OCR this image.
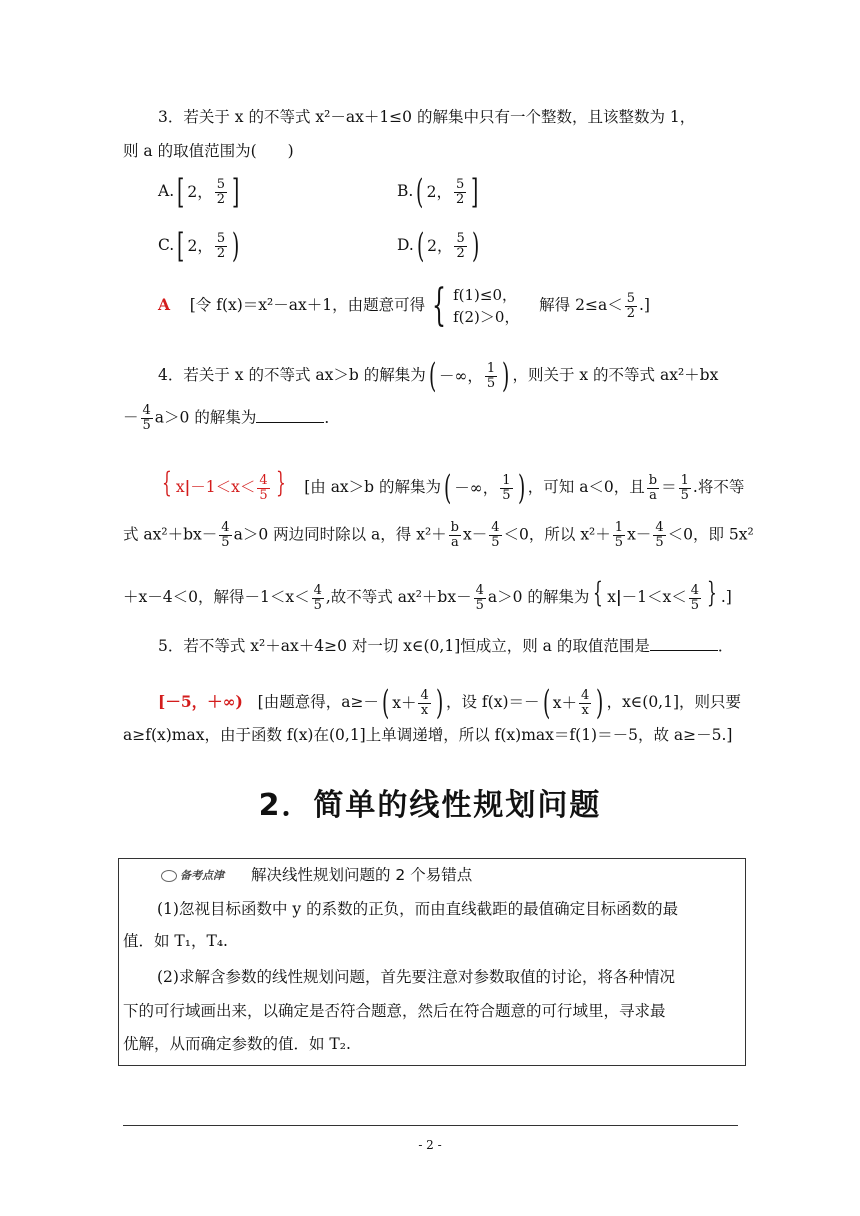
3．若关于 x 的不等式 x²－ax＋1≤0 的解集中只有一个整数，且该整数为 1，
则 a 的取值范围为(　　)
A. [ 2， $\frac{5}{2}$ ]	B. ( 2， $\frac{5}{2}$ ]
C. [ 2， $\frac{5}{2}$ )	D. ( 2， $\frac{5}{2}$ )
A [令 f(x)＝x²－ax＋1，由题意可得 { f(1)≤0，
f(2)＞0，
解得 $2\le a< \frac{5}{2}$ .]
4．若关于 x 的不等式 ax＞b 的解集为 ( －∞， $\frac{1}{5}$ ) ，则关于 x 的不等式 ax²＋bx
－ $\frac{4}{5} a>0$ 的解集为	．
{ $x|-1<x< \frac{4}{5}$ } [由 ax＞b 的解集为 ( －∞， $\frac{1}{5}$ ) ，可知 a＜0，且 $\frac{b}{a} = \frac{1}{5}$ .将不等
式 $ax^2+bx- \frac{4}{5} a>0$ 两边同时除以 a，得 $x^2+ \frac{b}{a} x- \frac{4}{5} <0$，所以 $x^2+ \frac{1}{5} x- \frac{4}{5} <0$，即 5x²
＋x－4＜0，解得$-1<x< \frac{4}{5}$ ,故不等式 $ax^2+bx- \frac{4}{5} a>0$ 的解集为 { $x|-1<x< \frac{4}{5}$ } .]
5．若不等式 x²＋ax＋4≥0 对一切 x∈(0,1]恒成立，则 a 的取值范围是	．
[－5，＋∞) [由题意得，a≥－ ( $x+ \frac{4}{x}$ ) ，设 f(x)＝－ ( $x+ \frac{4}{x}$ ) ，x∈(0,1]，则只要
a≥f(x)max，由于函数 f(x)在(0,1]上单调递增，所以 f(x)max＝f(1)＝－5，故 a≥－5.]
2．简单的线性规划问题
备考点津 解决线性规划问题的 2 个易错点
(1)忽视目标函数中 y 的系数的正负，而由直线截距的最值确定目标函数的最
值．如 T₁，T₄.
(2)求解含参数的线性规划问题，首先要注意对参数取值的讨论，将各种情况
下的可行域画出来，以确定是否符合题意，然后在符合题意的可行域里，寻求最
优解，从而确定参数的值．如 T₂.
- 2 -
